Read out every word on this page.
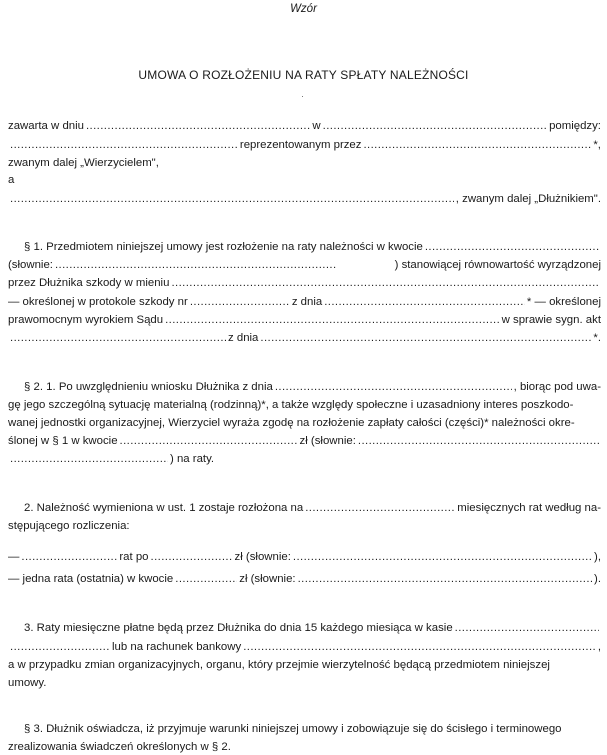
Wzór
UMOWA O ROZŁOŻENIU NA RATY SPŁATY NALEŻNOŚCI
zawarta w dniu .....	w .....	pomiędzy:
.....
reprezentowanym przez .....	*,
zwanym dalej „Wierzycielem",
a
.....
, zwanym dalej „Dłużnikiem".
§ 1. Przedmiotem niniejszej umowy jest rozłożenie na raty należności w kwocie
.....
(słownie: .....	) stanowiącej równowartość wyrządzonej
przez Dłużnika szkody w mieniu
.....
— określonej w protokole szkody nr .....	z dnia .....	* — określonej
prawomocnym wyrokiem Sądu .....	w sprawie sygn. akt
.....
z dnia .....	*.
§ 2. 1. Po uwzględnieniu wniosku Dłużnika z dnia .....	, biorąc pod uwa-
gę jego szczególną sytuację materialną (rodzinną)*, a także względy społeczne i uzasadniony interes poszkodo-
wanej jednostki organizacyjnej, Wierzyciel wyraża zgodę na rozłożenie zapłaty całości (części)* należności okre-
ślonej w § 1 w kwocie .....	zł (słownie:
.....
.....
) na raty.
2. Należność wymieniona w ust. 1 zostaje rozłożona na .....	miesięcznych rat według na-
stępującego rozliczenia:
— .....	rat po .....	zł (słownie: .....	),
— jedna rata (ostatnia) w kwocie .....	zł (słownie: .....	).
3. Raty miesięczne płatne będą przez Dłużnika do dnia 15 każdego miesiąca w kasie
.....
.....
lub na rachunek bankowy .....	,
a w przypadku zmian organizacyjnych, organu, który przejmie wierzytelność będącą przedmiotem niniejszej
umowy.
§ 3. Dłużnik oświadcza, iż przyjmuje warunki niniejszej umowy i zobowiązuje się do ścisłego i terminowego
zrealizowania świadczeń określonych w § 2.
